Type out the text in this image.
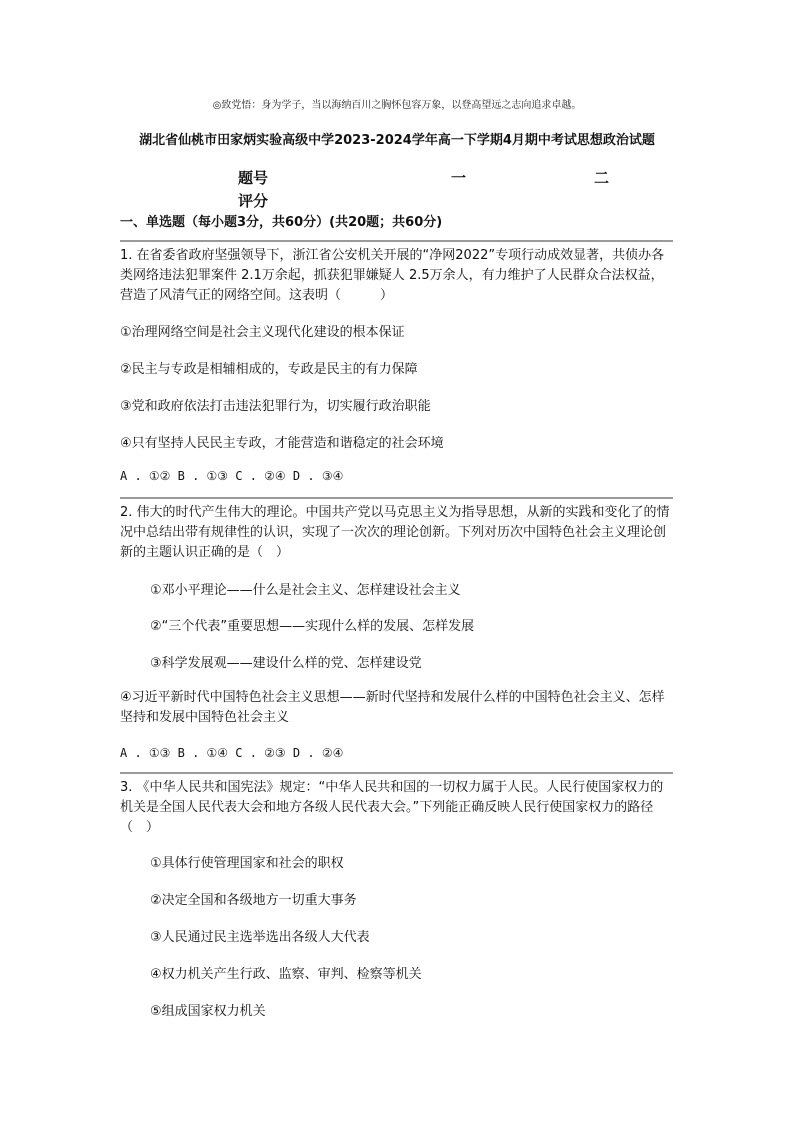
◎致党悟：身为学子，当以海纳百川之胸怀包容万象，以登高望远之志向追求卓越。
湖北省仙桃市田家炳实验高级中学2023-2024学年高一下学期4月期中考试思想政治试题
题号
评分
一	二
一、单选题（每小题3分，共60分）(共20题；共60分)
1. 在省委省政府坚强领导下，浙江省公安机关开展的“净网2022”专项行动成效显著，共侦办各类网络违法犯罪案件 2.1万余起，抓获犯罪嫌疑人 2.5万余人，有力维护了人民群众合法权益，营造了风清气正的网络空间。这表明（　　　）
①治理网络空间是社会主义现代化建设的根本保证
②民主与专政是相辅相成的，专政是民主的有力保障
③党和政府依法打击违法犯罪行为，切实履行政治职能
④只有坚持人民民主专政，才能营造和谐稳定的社会环境
A . ①② B . ①③ C . ②④ D . ③④
2. 伟大的时代产生伟大的理论。中国共产党以马克思主义为指导思想，从新的实践和变化了的情况中总结出带有规律性的认识，实现了一次次的理论创新。下列对历次中国特色社会主义理论创新的主题认识正确的是（　）
①邓小平理论——什么是社会主义、怎样建设社会主义
②“三个代表”重要思想——实现什么样的发展、怎样发展
③科学发展观——建设什么样的党、怎样建设党
④习近平新时代中国特色社会主义思想——新时代坚持和发展什么样的中国特色社会主义、怎样坚持和发展中国特色社会主义
A . ①③ B . ①④ C . ②③ D . ②④
3. 《中华人民共和国宪法》规定：“中华人民共和国的一切权力属于人民。人民行使国家权力的机关是全国人民代表大会和地方各级人民代表大会。”下列能正确反映人民行使国家权力的路径（　）
①具体行使管理国家和社会的职权
②决定全国和各级地方一切重大事务
③人民通过民主选举选出各级人大代表
④权力机关产生行政、监察、审判、检察等机关
⑤组成国家权力机关
